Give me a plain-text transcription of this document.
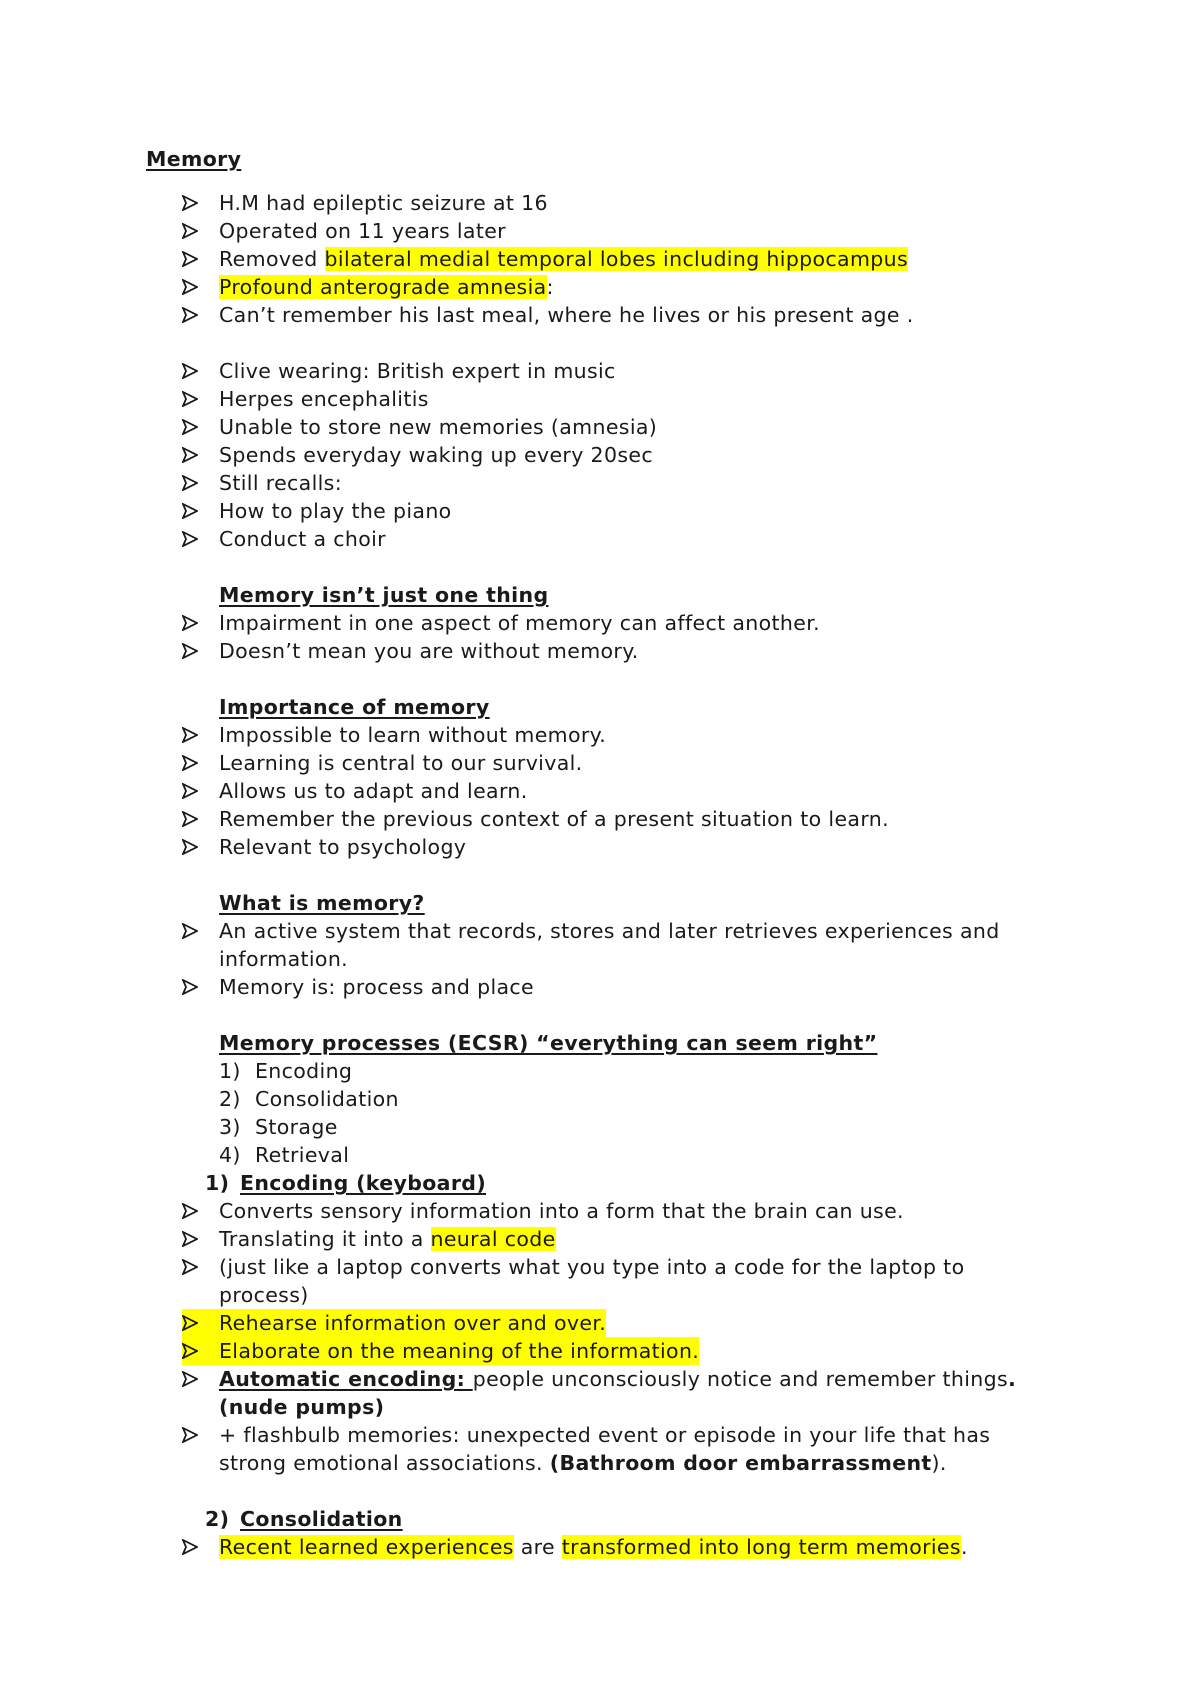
Memory
H.M had epileptic seizure at 16
Operated on 11 years later
Removed bilateral medial temporal lobes including hippocampus
Profound anterograde amnesia:
Can’t remember his last meal, where he lives or his present age .
Clive wearing: British expert in music
Herpes encephalitis
Unable to store new memories (amnesia)
Spends everyday waking up every 20sec
Still recalls:
How to play the piano
Conduct a choir
Memory isn’t just one thing
Impairment in one aspect of memory can affect another.
Doesn’t mean you are without memory.
Importance of memory
Impossible to learn without memory.
Learning is central to our survival.
Allows us to adapt and learn.
Remember the previous context of a present situation to learn.
Relevant to psychology
What is memory?
An active system that records, stores and later retrieves experiences and
information.
Memory is: process and place
Memory processes (ECSR) “everything can seem right”
1) Encoding
2) Consolidation
3) Storage
4) Retrieval
1) Encoding (keyboard)
Converts sensory information into a form that the brain can use.
Translating it into a neural code
(just like a laptop converts what you type into a code for the laptop to
process)
Rehearse information over and over.
Elaborate on the meaning of the information.
Automatic encoding: people unconsciously notice and remember things.
(nude pumps)
+ flashbulb memories: unexpected event or episode in your life that has
strong emotional associations. (Bathroom door embarrassment).
2) Consolidation
Recent learned experiences are transformed into long term memories.
